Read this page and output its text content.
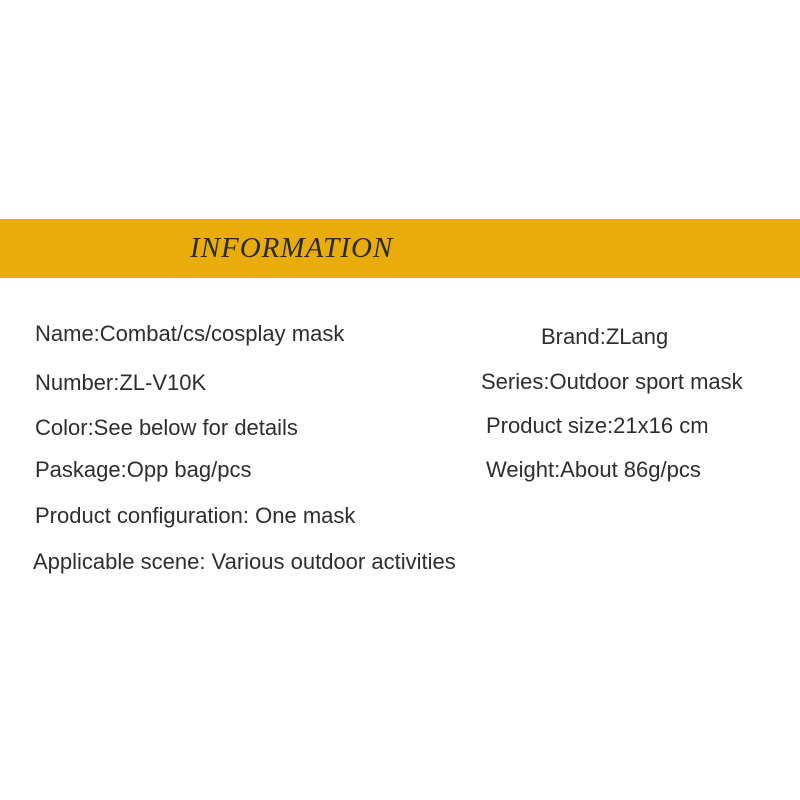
INFORMATION
Name:Combat/cs/cosplay mask	Brand:ZLang
Number:ZL-V10K	Series:Outdoor sport mask
Color:See below for details	Product size:21x16 cm
Paskage:Opp bag/pcs	Weight:About 86g/pcs
Product configuration: One mask
Applicable scene: Various outdoor activities
